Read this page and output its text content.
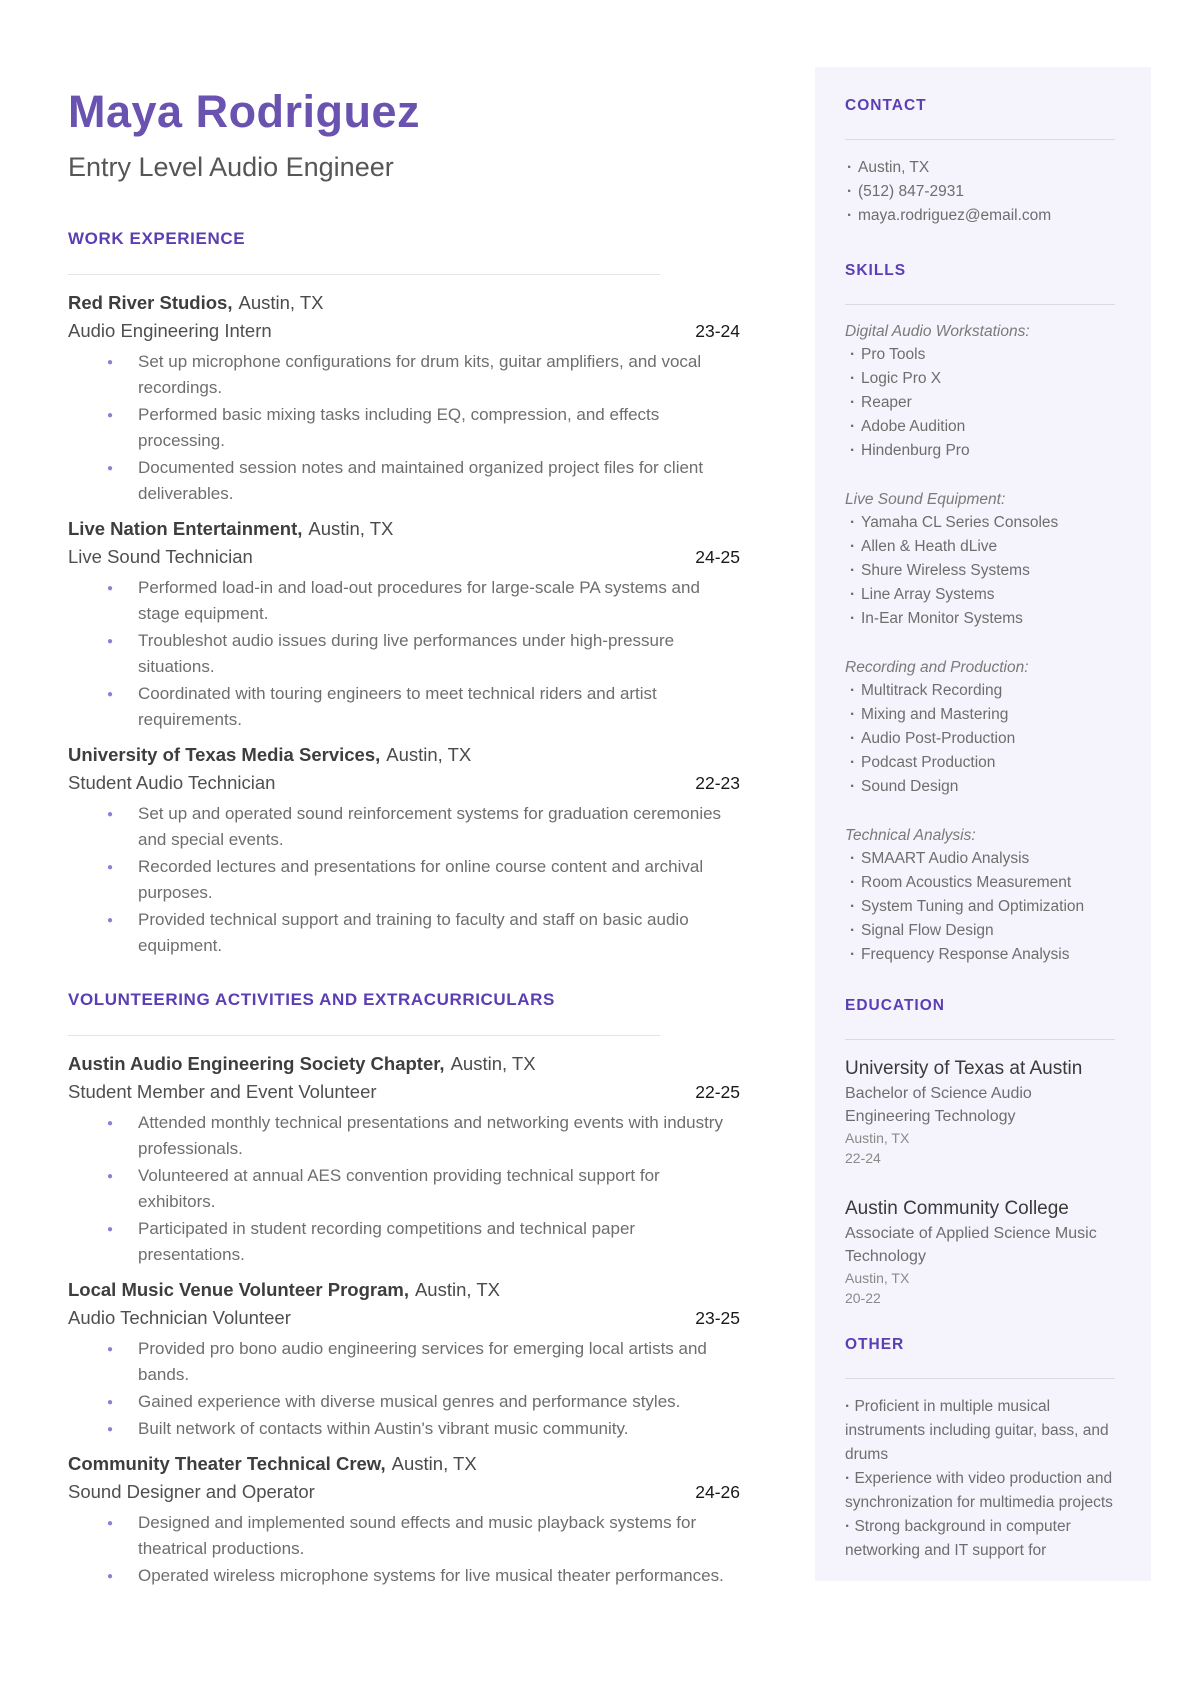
Maya Rodriguez
Entry Level Audio Engineer
WORK EXPERIENCE
Red River Studios, Austin, TX
Audio Engineering Intern	23-24
● Set up microphone configurations for drum kits, guitar amplifiers, and vocal recordings.
● Performed basic mixing tasks including EQ, compression, and effects processing.
● Documented session notes and maintained organized project files for client deliverables.
Live Nation Entertainment, Austin, TX
Live Sound Technician	24-25
● Performed load-in and load-out procedures for large-scale PA systems and stage equipment.
● Troubleshot audio issues during live performances under high-pressure situations.
● Coordinated with touring engineers to meet technical riders and artist requirements.
University of Texas Media Services, Austin, TX
Student Audio Technician	22-23
● Set up and operated sound reinforcement systems for graduation ceremonies and special events.
● Recorded lectures and presentations for online course content and archival purposes.
● Provided technical support and training to faculty and staff on basic audio equipment.
VOLUNTEERING ACTIVITIES AND EXTRACURRICULARS
Austin Audio Engineering Society Chapter, Austin, TX
Student Member and Event Volunteer	22-25
● Attended monthly technical presentations and networking events with industry professionals.
● Volunteered at annual AES convention providing technical support for exhibitors.
● Participated in student recording competitions and technical paper presentations.
Local Music Venue Volunteer Program, Austin, TX
Audio Technician Volunteer	23-25
● Provided pro bono audio engineering services for emerging local artists and bands.
● Gained experience with diverse musical genres and performance styles.
● Built network of contacts within Austin's vibrant music community.
Community Theater Technical Crew, Austin, TX
Sound Designer and Operator	24-26
● Designed and implemented sound effects and music playback systems for theatrical productions.
● Operated wireless microphone systems for live musical theater performances.
CONTACT
· Austin, TX
· (512) 847-2931
· maya.rodriguez@email.com
SKILLS
Digital Audio Workstations:
· Pro Tools
· Logic Pro X
· Reaper
· Adobe Audition
· Hindenburg Pro
Live Sound Equipment:
· Yamaha CL Series Consoles
· Allen & Heath dLive
· Shure Wireless Systems
· Line Array Systems
· In-Ear Monitor Systems
Recording and Production:
· Multitrack Recording
· Mixing and Mastering
· Audio Post-Production
· Podcast Production
· Sound Design
Technical Analysis:
· SMAART Audio Analysis
· Room Acoustics Measurement
· System Tuning and Optimization
· Signal Flow Design
· Frequency Response Analysis
EDUCATION
University of Texas at Austin
Bachelor of Science Audio Engineering Technology
Austin, TX
22-24
Austin Community College
Associate of Applied Science Music Technology
Austin, TX
20-22
OTHER
· Proficient in multiple musical instruments including guitar, bass, and drums
· Experience with video production and synchronization for multimedia projects
· Strong background in computer networking and IT support for
